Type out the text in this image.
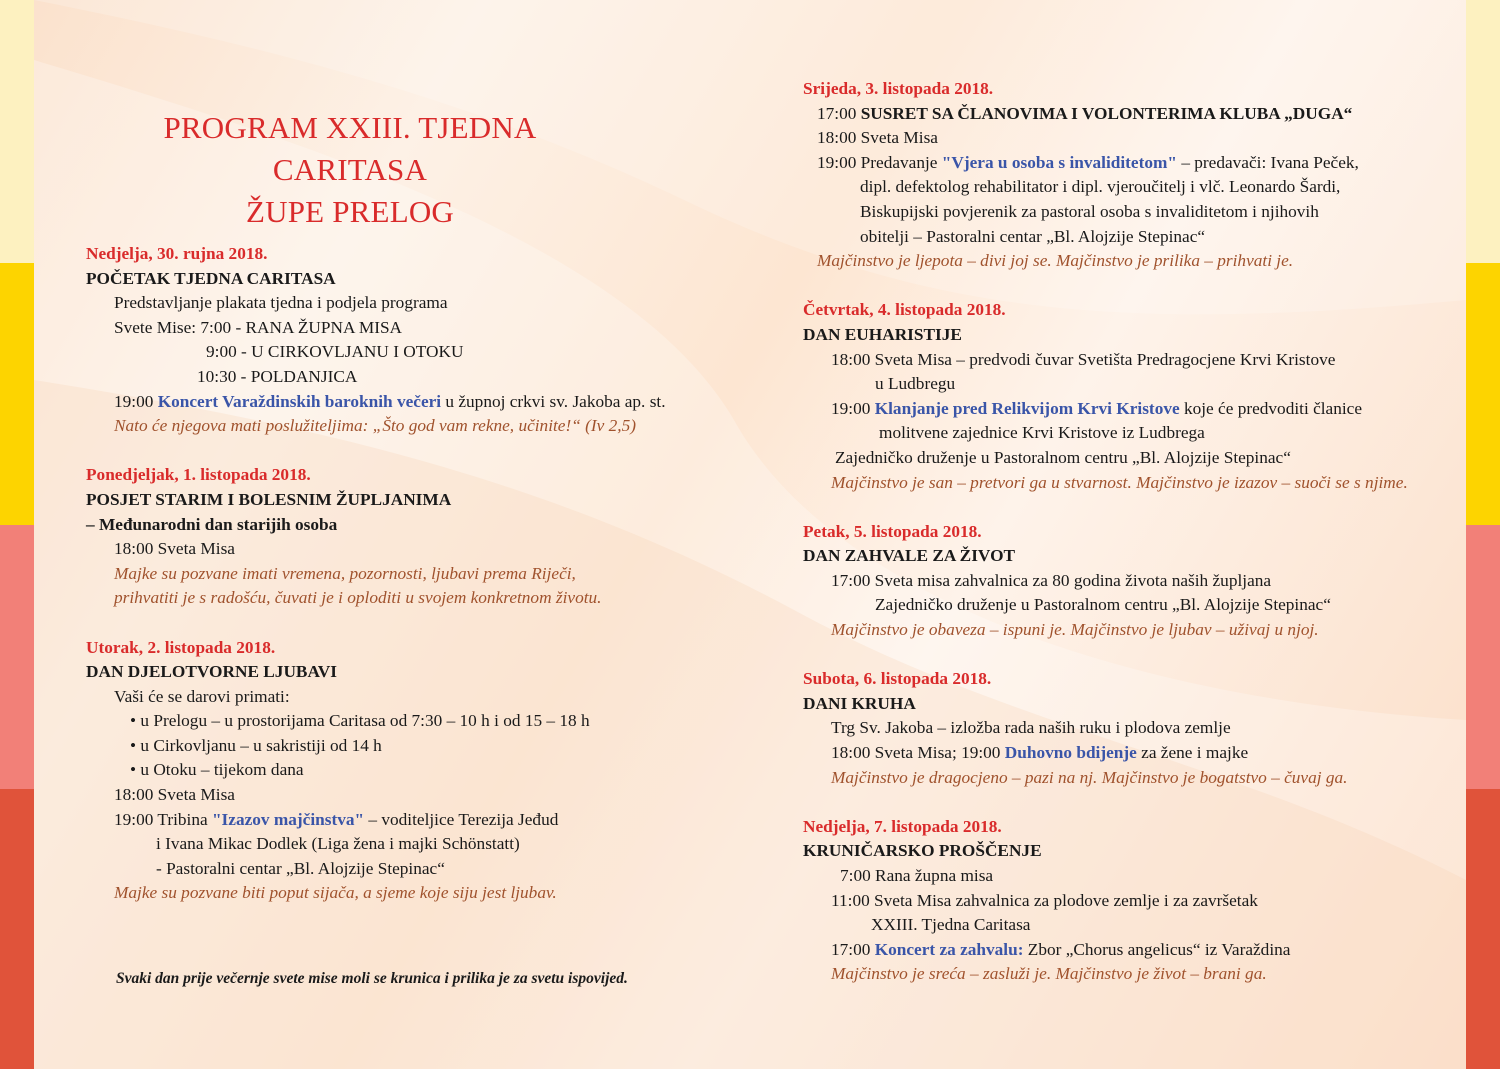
PROGRAM XXIII. TJEDNA CARITASA
ŽUPE PRELOG
Nedjelja, 30. rujna 2018.
POČETAK TJEDNA CARITASA
Predstavljanje plakata tjedna i podjela programa
Svete Mise: 7:00 - RANA ŽUPNA MISA
9:00 - U CIRKOVLJANU I OTOKU
10:30 - POLDANJICA
19:00 Koncert Varaždinskih baroknih večeri u župnoj crkvi sv. Jakoba ap. st.
Nato će njegova mati poslužiteljima: „Što god vam rekne, učinite!“ (Iv 2,5)
Ponedjeljak, 1. listopada 2018.
POSJET STARIM I BOLESNIM ŽUPLJANIMA
– Međunarodni dan starijih osoba
18:00 Sveta Misa
Majke su pozvane imati vremena, pozornosti, ljubavi prema Riječi,
prihvatiti je s radošću, čuvati je i oploditi u svojem konkretnom životu.
Utorak, 2. listopada 2018.
DAN DJELOTVORNE LJUBAVI
Vaši će se darovi primati:
• u Prelogu – u prostorijama Caritasa od 7:30 – 10 h i od 15 – 18 h
• u Cirkovljanu – u sakristiji od 14 h
• u Otoku – tijekom dana
18:00 Sveta Misa
19:00 Tribina "Izazov majčinstva" – voditeljice Terezija Jeđud
i Ivana Mikac Dodlek (Liga žena i majki Schönstatt)
- Pastoralni centar „Bl. Alojzije Stepinac“
Majke su pozvane biti poput sijača, a sjeme koje siju jest ljubav.
Svaki dan prije večernje svete mise moli se krunica i prilika je za svetu ispovijed.
Srijeda, 3. listopada 2018.
17:00 SUSRET SA ČLANOVIMA I VOLONTERIMA KLUBA „DUGA“
18:00 Sveta Misa
19:00 Predavanje "Vjera u osoba s invaliditetom" – predavači: Ivana Peček,
dipl. defektolog rehabilitator i dipl. vjeroučitelj i vlč. Leonardo Šardi,
Biskupijski povjerenik za pastoral osoba s invaliditetom i njihovih
obitelji – Pastoralni centar „Bl. Alojzije Stepinac“
Majčinstvo je ljepota – divi joj se. Majčinstvo je prilika – prihvati je.
Četvrtak, 4. listopada 2018.
DAN EUHARISTIJE
18:00 Sveta Misa – predvodi čuvar Svetišta Predragocjene Krvi Kristove
u Ludbregu
19:00 Klanjanje pred Relikvijom Krvi Kristove koje će predvoditi članice
molitvene zajednice Krvi Kristove iz Ludbrega
Zajedničko druženje u Pastoralnom centru „Bl. Alojzije Stepinac“
Majčinstvo je san – pretvori ga u stvarnost. Majčinstvo je izazov – suoči se s njime.
Petak, 5. listopada 2018.
DAN ZAHVALE ZA ŽIVOT
17:00 Sveta misa zahvalnica za 80 godina života naših župljana
Zajedničko druženje u Pastoralnom centru „Bl. Alojzije Stepinac“
Majčinstvo je obaveza – ispuni je. Majčinstvo je ljubav – uživaj u njoj.
Subota, 6. listopada 2018.
DANI KRUHA
Trg Sv. Jakoba – izložba rada naših ruku i plodova zemlje
18:00 Sveta Misa; 19:00 Duhovno bdijenje za žene i majke
Majčinstvo je dragocjeno – pazi na nj. Majčinstvo je bogatstvo – čuvaj ga.
Nedjelja, 7. listopada 2018.
KRUNIČARSKO PROŠČENJE
7:00 Rana župna misa
11:00 Sveta Misa zahvalnica za plodove zemlje i za završetak
XXIII. Tjedna Caritasa
17:00 Koncert za zahvalu: Zbor „Chorus angelicus“ iz Varaždina
Majčinstvo je sreća – zasluži je. Majčinstvo je život – brani ga.
